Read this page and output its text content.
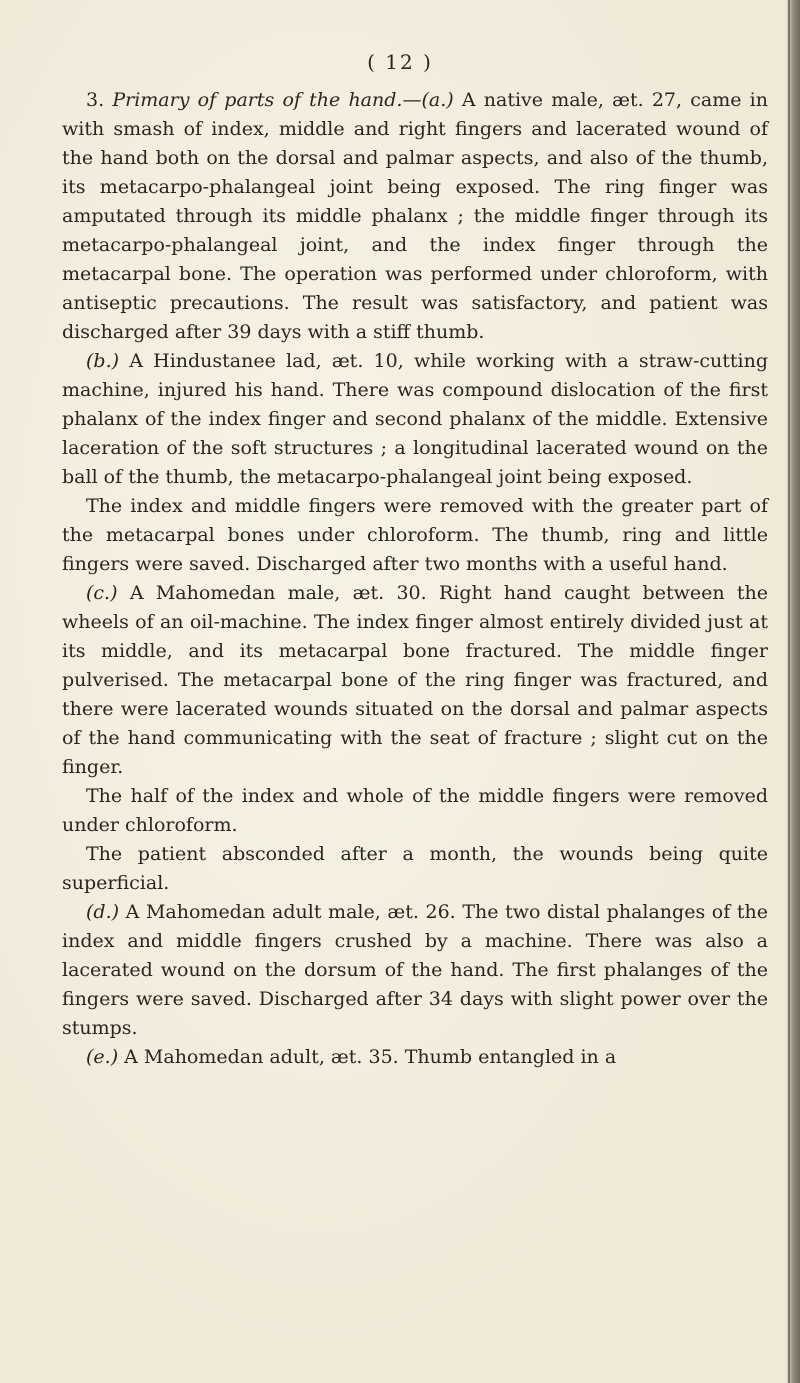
( 12 )

3. Primary of parts of the hand.—(a.) A native male, æt. 27, came in with smash of index, middle and right fingers and lacerated wound of the hand both on the dorsal and palmar aspects, and also of the thumb, its metacarpo-phalangeal joint being exposed. The ring finger was amputated through its middle phalanx ; the middle finger through its metacarpo-phalangeal joint, and the index finger through the metacarpal bone. The operation was performed under chloroform, with antiseptic precautions. The result was satisfactory, and patient was discharged after 39 days with a stiff thumb.

(b.) A Hindustanee lad, æt. 10, while working with a straw-cutting machine, injured his hand. There was compound dislocation of the first phalanx of the index finger and second phalanx of the middle. Extensive laceration of the soft structures ; a longitudinal lacerated wound on the ball of the thumb, the metacarpo-phalangeal joint being exposed.

The index and middle fingers were removed with the greater part of the metacarpal bones under chloroform. The thumb, ring and little fingers were saved. Discharged after two months with a useful hand.

(c.) A Mahomedan male, æt. 30. Right hand caught between the wheels of an oil-machine. The index finger almost entirely divided just at its middle, and its metacarpal bone fractured. The middle finger pulverised. The metacarpal bone of the ring finger was fractured, and there were lacerated wounds situated on the dorsal and palmar aspects of the hand communicating with the seat of fracture ; slight cut on the finger.

The half of the index and whole of the middle fingers were removed under chloroform.

The patient absconded after a month, the wounds being quite superficial.

(d.) A Mahomedan adult male, æt. 26. The two distal phalanges of the index and middle fingers crushed by a machine. There was also a lacerated wound on the dorsum of the hand. The first phalanges of the fingers were saved. Discharged after 34 days with slight power over the stumps.

(e.) A Mahomedan adult, æt. 35. Thumb entangled in a
